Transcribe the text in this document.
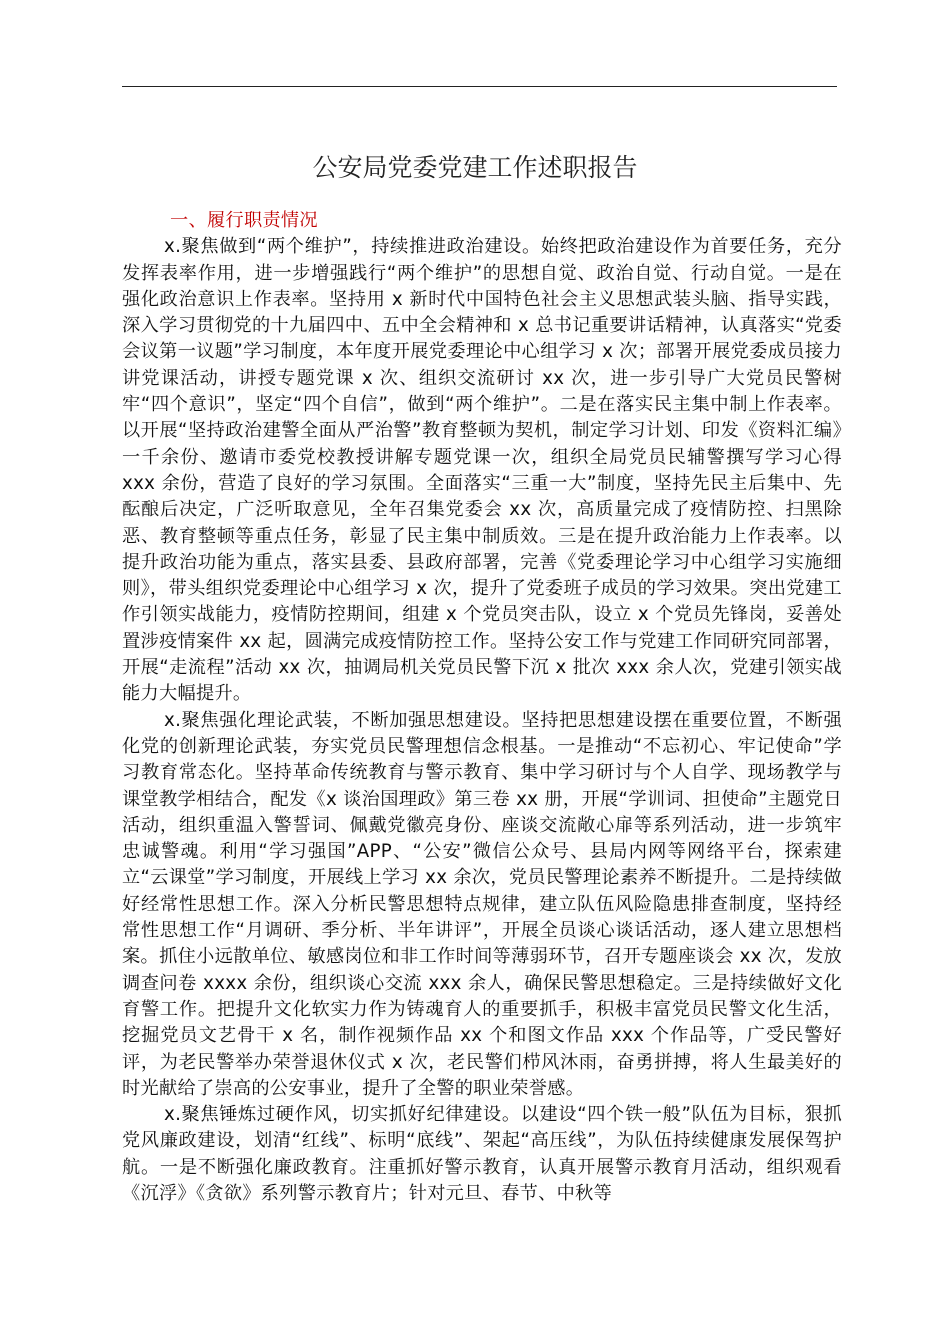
公安局党委党建工作述职报告
一、履行职责情况

x.聚焦做到“两个维护”，持续推进政治建设。始终把政治建设作为首要任务，充分发挥表率作用，进一步增强践行“两个维护”的思想自觉、政治自觉、行动自觉。一是在强化政治意识上作表率。坚持用 x 新时代中国特色社会主义思想武装头脑、指导实践，深入学习贯彻党的十九届四中、五中全会精神和 x 总书记重要讲话精神，认真落实“党委会议第一议题”学习制度，本年度开展党委理论中心组学习 x 次；部署开展党委成员接力讲党课活动，讲授专题党课 x 次、组织交流研讨 xx 次，进一步引导广大党员民警树牢“四个意识”，坚定“四个自信”，做到“两个维护”。二是在落实民主集中制上作表率。以开展“坚持政治建警全面从严治警”教育整顿为契机，制定学习计划、印发《资料汇编》一千余份、邀请市委党校教授讲解专题党课一次，组织全局党员民辅警撰写学习心得 xxx 余份，营造了良好的学习氛围。全面落实“三重一大”制度，坚持先民主后集中、先酝酿后决定，广泛听取意见，全年召集党委会 xx 次，高质量完成了疫情防控、扫黑除恶、教育整顿等重点任务，彰显了民主集中制质效。三是在提升政治能力上作表率。以提升政治功能为重点，落实县委、县政府部署，完善《党委理论学习中心组学习实施细则》，带头组织党委理论中心组学习 x 次，提升了党委班子成员的学习效果。突出党建工作引领实战能力，疫情防控期间，组建 x 个党员突击队，设立 x 个党员先锋岗，妥善处置涉疫情案件 xx 起，圆满完成疫情防控工作。坚持公安工作与党建工作同研究同部署，开展“走流程”活动 xx 次，抽调局机关党员民警下沉 x 批次 xxx 余人次，党建引领实战能力大幅提升。

x.聚焦强化理论武装，不断加强思想建设。坚持把思想建设摆在重要位置，不断强化党的创新理论武装，夯实党员民警理想信念根基。一是推动“不忘初心、牢记使命”学习教育常态化。坚持革命传统教育与警示教育、集中学习研讨与个人自学、现场教学与课堂教学相结合，配发《x 谈治国理政》第三卷 xx 册，开展“学训词、担使命”主题党日活动，组织重温入警誓词、佩戴党徽亮身份、座谈交流敞心扉等系列活动，进一步筑牢忠诚警魂。利用“学习强国”APP、“公安”微信公众号、县局内网等网络平台，探索建立“云课堂”学习制度，开展线上学习 xx 余次，党员民警理论素养不断提升。二是持续做好经常性思想工作。深入分析民警思想特点规律，建立队伍风险隐患排查制度，坚持经常性思想工作“月调研、季分析、半年讲评”，开展全员谈心谈话活动，逐人建立思想档案。抓住小远散单位、敏感岗位和非工作时间等薄弱环节，召开专题座谈会 xx 次，发放调查问卷 xxxx 余份，组织谈心交流 xxx 余人，确保民警思想稳定。三是持续做好文化育警工作。把提升文化软实力作为铸魂育人的重要抓手，积极丰富党员民警文化生活，挖掘党员文艺骨干 x 名，制作视频作品 xx 个和图文作品 xxx 个作品等，广受民警好评，为老民警举办荣誉退休仪式 x 次，老民警们栉风沐雨，奋勇拼搏，将人生最美好的时光献给了崇高的公安事业，提升了全警的职业荣誉感。

x.聚焦锤炼过硬作风，切实抓好纪律建设。以建设“四个铁一般”队伍为目标，狠抓党风廉政建设，划清“红线”、标明“底线”、架起“高压线”，为队伍持续健康发展保驾护航。一是不断强化廉政教育。注重抓好警示教育，认真开展警示教育月活动，组织观看《沉浮》《贪欲》系列警示教育片；针对元旦、春节、中秋等
